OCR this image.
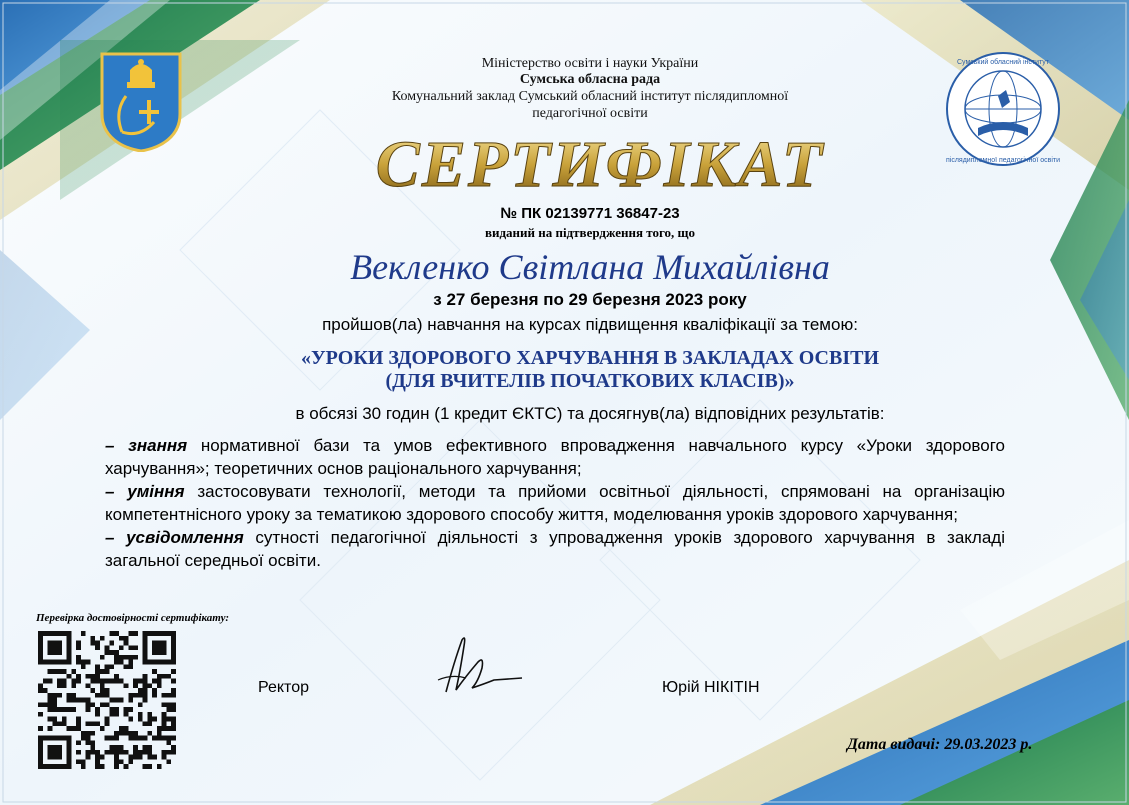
Сумський обласний інститут
післядипломної педагогічної освіти
Міністерство освіти і науки України
Сумська обласна рада
Комунальний заклад Сумський обласний інститут післядипломної
педагогічної освіти
СЕРТИФІКАТ
№ ПК 02139771 36847-23
виданий на підтвердження того, що
Векленко Світлана Михайлівна
з 27 березня по 29 березня 2023 року
пройшов(ла) навчання на курсах підвищення кваліфікації за темою:
«УРОКИ ЗДОРОВОГО ХАРЧУВАННЯ В ЗАКЛАДАХ ОСВІТИ
(ДЛЯ ВЧИТЕЛІВ ПОЧАТКОВИХ КЛАСІВ)»
в обсязі 30 годин (1 кредит ЄКТС) та досягнув(ла) відповідних результатів:

– знання нормативної бази та умов ефективного впровадження навчального курсу «Уроки здорового харчування»; теоретичних основ раціонального харчування;

– уміння застосовувати технології, методи та прийоми освітньої діяльності, спрямовані на організацію компетентнісного уроку за тематикою здорового способу життя, моделювання уроків здорового харчування;

– усвідомлення сутності педагогічної діяльності з упровадження уроків здорового харчування в закладі загальної середньої освіти.

Перевірка достовірності сертифікату:
Ректор	Юрій НІКІТІН
Дата видачі: 29.03.2023 р.
